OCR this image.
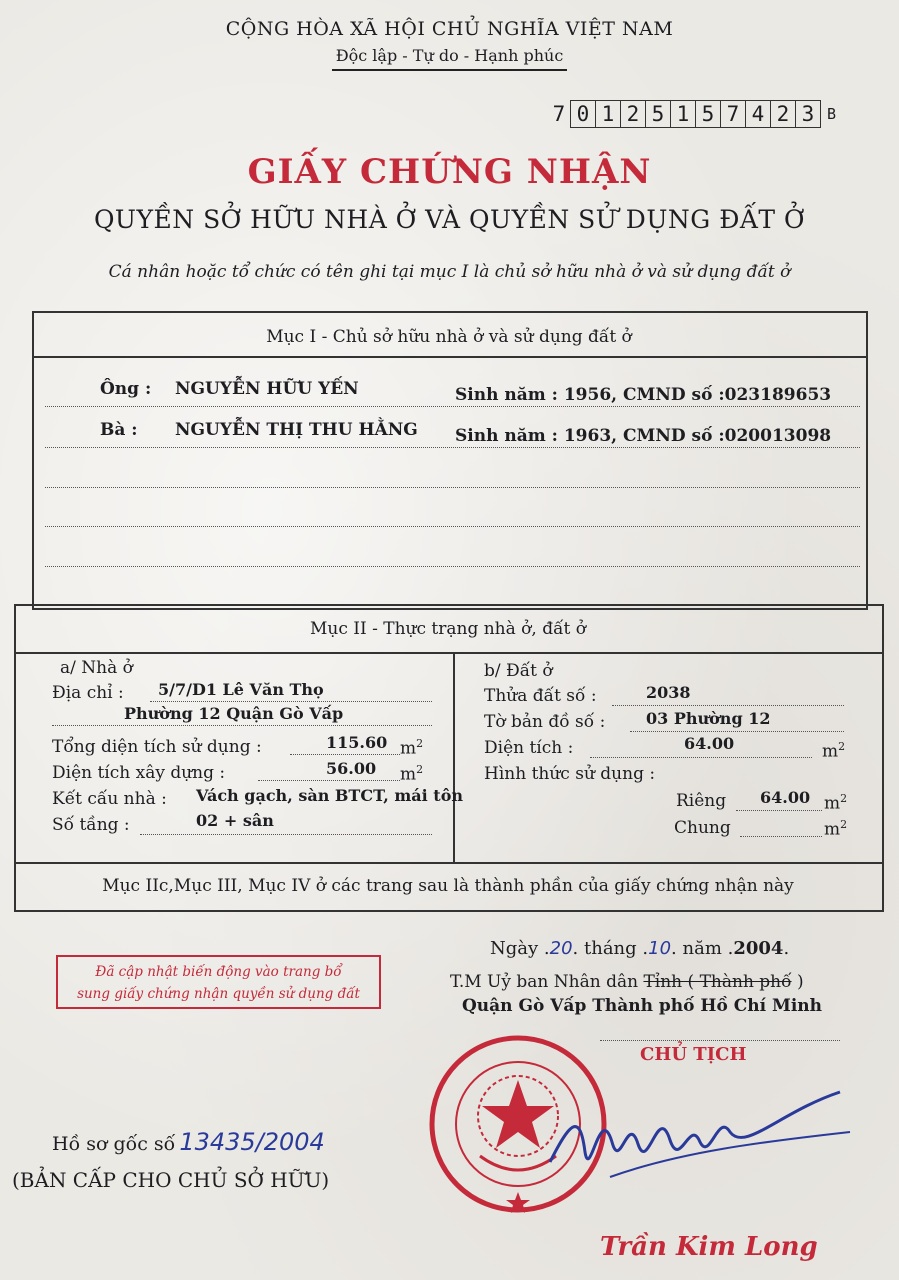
CỘNG HÒA XÃ HỘI CHỦ NGHĨA VIỆT NAM
Độc lập - Tự do - Hạnh phúc
7 0 1 2 5 1 5 7 4 2 3 B
GIẤY CHỨNG NHẬN
QUYỀN SỞ HỮU NHÀ Ở VÀ QUYỀN SỬ DỤNG ĐẤT Ở
Cá nhân hoặc tổ chức có tên ghi tại mục I là chủ sở hữu nhà ở và sử dụng đất ở
Mục I - Chủ sở hữu nhà ở và sử dụng đất ở
Ông : NGUYỄN HỮU YẾN	Sinh năm : 1956, CMND số :023189653
Bà : NGUYỄN THỊ THU HẰNG Sinh năm : 1963, CMND số :020013098
Mục II - Thực trạng nhà ở, đất ở
a/ Nhà ở
Địa chỉ : 5/7/D1 Lê Văn Thọ
Phường 12 Quận Gò Vấp
Tổng diện tích sử dụng :	115.60 $m^2$
Diện tích xây dựng :	56.00 $m^2$
Kết cấu nhà : Vách gạch, sàn BTCT, mái tôn
Số tầng :	02 + sân
b/ Đất ở
Thửa đất số :	2038
Tờ bản đồ số :	03 Phường 12
Diện tích :	64.00	$m^2$
Hình thức sử dụng :
Riêng 64.00 $m^2$
Chung	$m^2$
Mục IIc,Mục III, Mục IV ở các trang sau là thành phần của giấy chứng nhận này
Ngày .20. tháng .10. năm .2004.
T.M Uỷ ban Nhân dân Tỉnh ( Thành phố )
Quận Gò Vấp Thành phố Hồ Chí Minh
CHỦ TỊCH
Đã cập nhật biến động vào trang bổ
sung giấy chứng nhận quyền sử dụng đất
Trần Kim Long
Hồ sơ gốc số 13435/2004
(BẢN CẤP CHO CHỦ SỞ HỮU)
